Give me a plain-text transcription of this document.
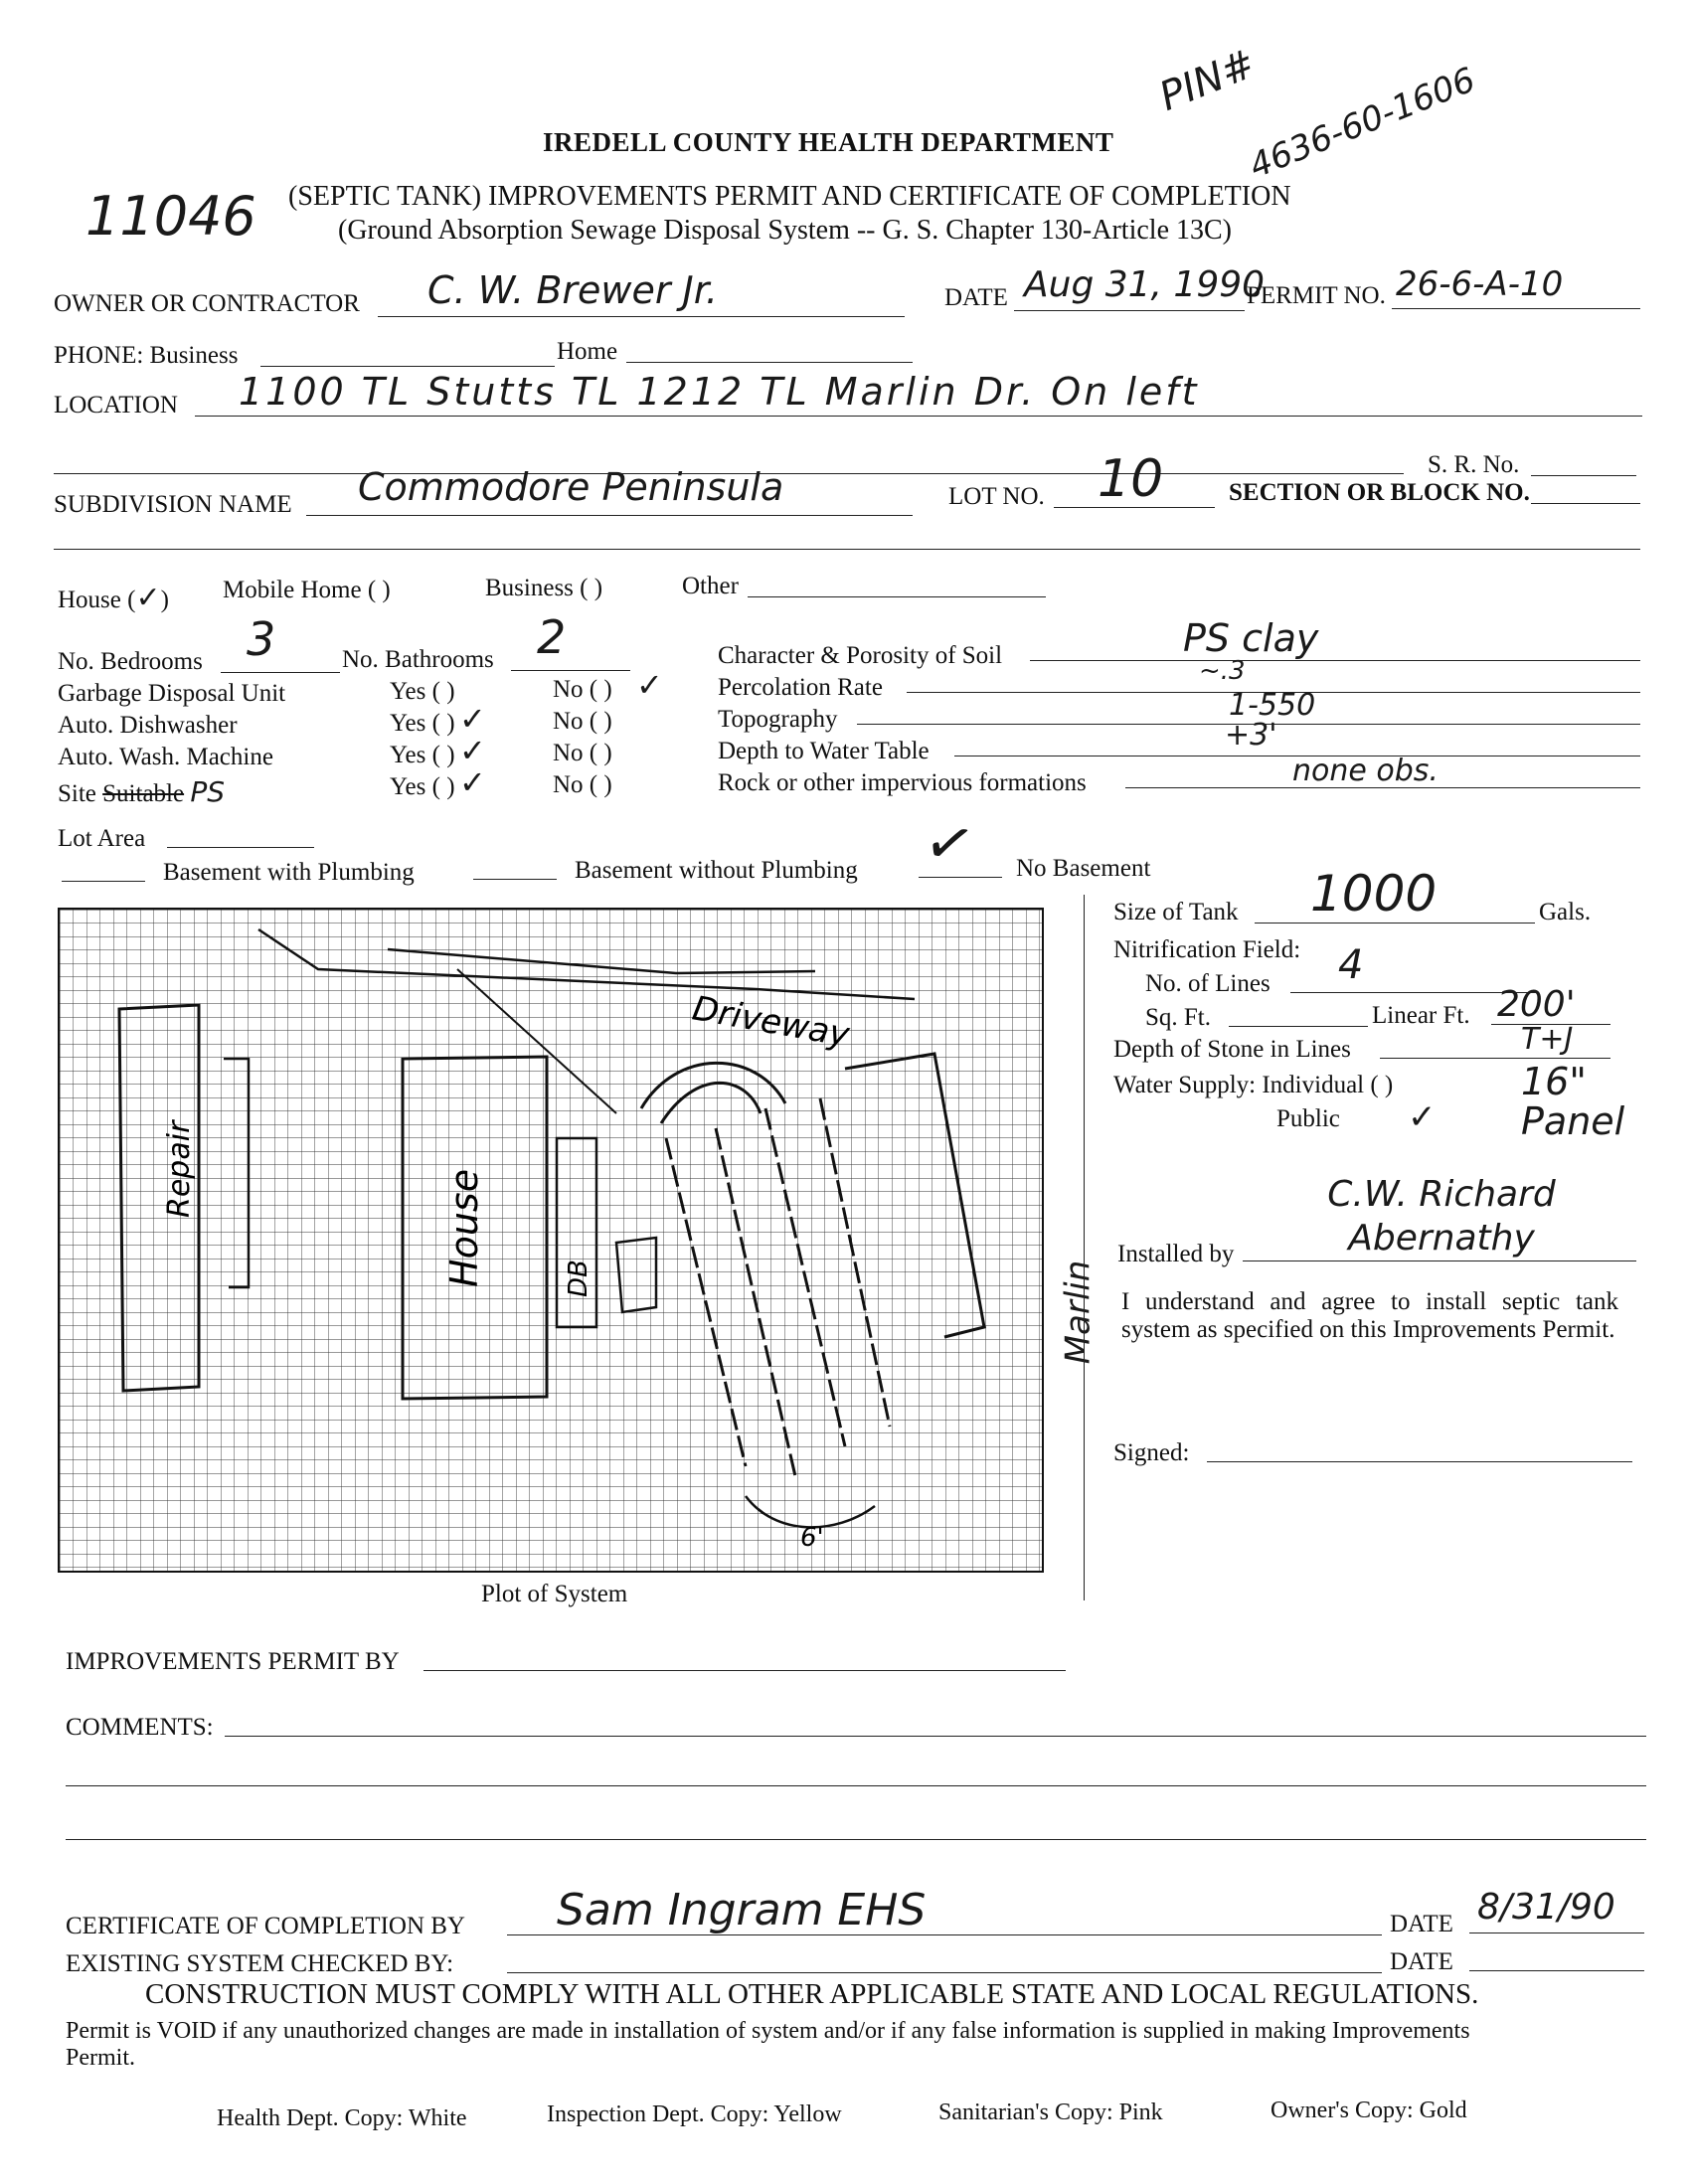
IREDELL COUNTY HEALTH DEPARTMENT
PIN#
4636-60-1606
11046 (SEPTIC TANK) IMPROVEMENTS PERMIT AND CERTIFICATE OF COMPLETION
(Ground Absorption Sewage Disposal System -- G. S. Chapter 130-Article 13C)
OWNER OR CONTRACTOR C. W. Brewer Jr.	DATE Aug 31, 1990
PERMIT NO. 26-6-A-10
PHONE: Business	Home
LOCATION 1100 TL Stutts TL 1212 TL Marlin Dr. On left
S. R. No.
SUBDIVISION NAME Commodore Peninsula	LOT NO. 10	SECTION OR BLOCK NO.
House (✓) Mobile Home ( )	Business ( )	Other
No. Bedrooms 3	No. Bathrooms 2
Garbage Disposal Unit	Yes ( )	No ( ) ✓
Auto. Dishwasher	Yes ( ) ✓	No ( )
Auto. Wash. Machine	Yes ( ) ✓	No ( )
Site Suitable PS	Yes ( ) ✓	No ( )
Character & Porosity of Soil	PS clay
Percolation Rate
~.3
1-550
Topography
Depth to Water Table	+3'
Rock or other impervious formations	none obs.
Lot Area
Basement with Plumbing	Basement without Plumbing ✓ No Basement
Driveway
House
Repair
DB
6'
Marlin
Plot of System
Size of Tank 1000	Gals.
Nitrification Field:
No. of Lines 4
Sq. Ft.	Linear Ft. 200'
Depth of Stone in Lines	T+J
Water Supply: Individual ( )
Public ✓
16" Panel
Installed by
C.W. Richard Abernathy
I understand and agree to install septic tank system as specified on this Improvements Permit.
Signed:
IMPROVEMENTS PERMIT BY
COMMENTS:
CERTIFICATE OF COMPLETION BY Sam Ingram EHS	DATE 8/31/90
EXISTING SYSTEM CHECKED BY:	DATE
CONSTRUCTION MUST COMPLY WITH ALL OTHER APPLICABLE STATE AND LOCAL REGULATIONS.
Permit is VOID if any unauthorized changes are made in installation of system and/or if any false information is supplied in making Improvements Permit.
Health Dept. Copy: White	Inspection Dept. Copy: Yellow	Sanitarian's Copy: Pink	Owner's Copy: Gold
